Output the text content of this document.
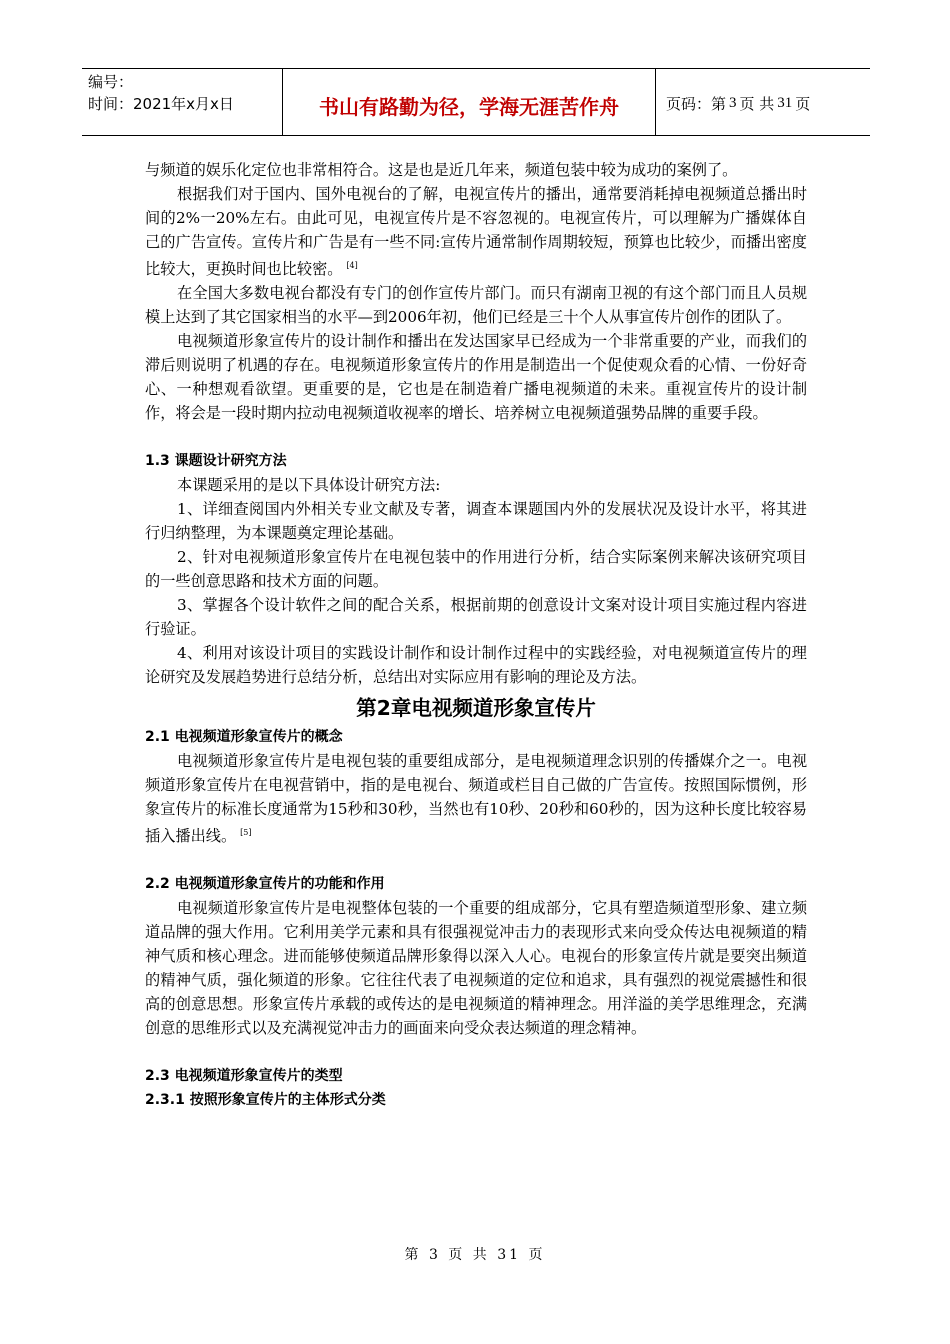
编号：
时间：2021年x月x日	书山有路勤为径，学海无涯苦作舟	页码：第 3 页 共 31 页

与频道的娱乐化定位也非常相符合。这是也是近几年来，频道包装中较为成功的案例了。

根据我们对于国内、国外电视台的了解，电视宣传片的播出，通常要消耗掉电视频道总播出时间的2%一20%左右。由此可见，电视宣传片是不容忽视的。电视宣传片，可以理解为广播媒体自己的广告宣传。宣传片和广告是有一些不同:宣传片通常制作周期较短，预算也比较少，而播出密度比较大，更换时间也比较密。 [4]

在全国大多数电视台都没有专门的创作宣传片部门。而只有湖南卫视的有这个部门而且人员规模上达到了其它国家相当的水平—到2006年初，他们已经是三十个人从事宣传片创作的团队了。

电视频道形象宣传片的设计制作和播出在发达国家早已经成为一个非常重要的产业，而我们的滞后则说明了机遇的存在。电视频道形象宣传片的作用是制造出一个促使观众看的心情、一份好奇心、一种想观看欲望。更重要的是，它也是在制造着广播电视频道的未来。重视宣传片的设计制作，将会是一段时期内拉动电视频道收视率的增长、培养树立电视频道强势品牌的重要手段。

1.3 课题设计研究方法

本课题采用的是以下具体设计研究方法:

1、详细查阅国内外相关专业文献及专著，调查本课题国内外的发展状况及设计水平，将其进行归纳整理，为本课题奠定理论基础。

2、针对电视频道形象宣传片在电视包装中的作用进行分析，结合实际案例来解决该研究项目的一些创意思路和技术方面的问题。

3、掌握各个设计软件之间的配合关系，根据前期的创意设计文案对设计项目实施过程内容进行验证。

4、利用对该设计项目的实践设计制作和设计制作过程中的实践经验，对电视频道宣传片的理论研究及发展趋势进行总结分析，总结出对实际应用有影响的理论及方法。

第2章电视频道形象宣传片

2.1 电视频道形象宣传片的概念

电视频道形象宣传片是电视包装的重要组成部分，是电视频道理念识别的传播媒介之一。电视频道形象宣传片在电视营销中，指的是电视台、频道或栏目自己做的广告宣传。按照国际惯例，形象宣传片的标准长度通常为15秒和30秒，当然也有10秒、20秒和60秒的，因为这种长度比较容易插入播出线。 [5]

2.2 电视频道形象宣传片的功能和作用

电视频道形象宣传片是电视整体包装的一个重要的组成部分，它具有塑造频道型形象、建立频道品牌的强大作用。它利用美学元素和具有很强视觉冲击力的表现形式来向受众传达电视频道的精神气质和核心理念。进而能够使频道品牌形象得以深入人心。电视台的形象宣传片就是要突出频道的精神气质，强化频道的形象。它往往代表了电视频道的定位和追求，具有强烈的视觉震撼性和很高的创意思想。形象宣传片承载的或传达的是电视频道的精神理念。用洋溢的美学思维理念，充满创意的思维形式以及充满视觉冲击力的画面来向受众表达频道的理念精神。

2.3 电视频道形象宣传片的类型

2.3.1 按照形象宣传片的主体形式分类

第 3 页 共 31 页
